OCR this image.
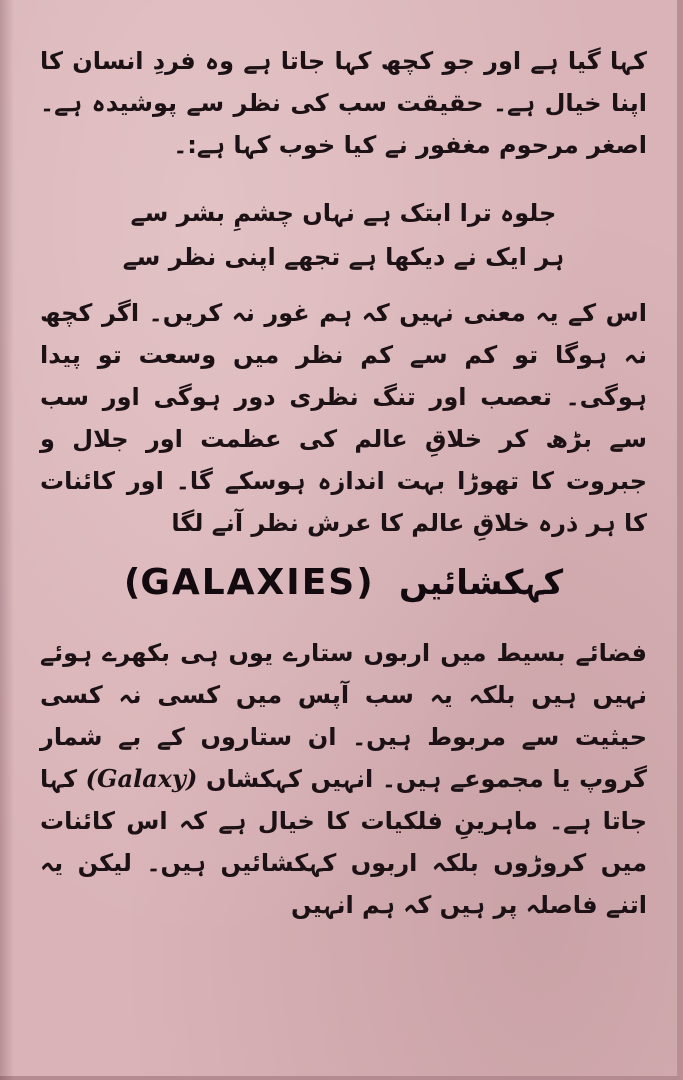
کہا گیا ہے اور جو کچھ کہا جاتا ہے وہ فردِ انسان کا اپنا خیال ہے۔ حقیقت سب کی نظر سے پوشیدہ ہے۔ اصغر مرحوم مغفور نے کیا خوب کہا ہے:۔

جلوہ ترا ابتک ہے نہاں چشمِ بشر سے

ہر ایک نے دیکھا ہے تجھے اپنی نظر سے

اس کے یہ معنی نہیں کہ ہم غور نہ کریں۔ اگر کچھ نہ ہوگا تو کم سے کم نظر میں وسعت تو پیدا ہوگی۔ تعصب اور تنگ نظری دور ہوگی اور سب سے بڑھ کر خلاقِ عالم کی عظمت اور جلال و جبروت کا تھوڑا بہت اندازہ ہوسکے گا۔ اور کائنات کا ہر ذرہ خلاقِ عالم کا عرش نظر آنے لگا

کہکشائیں (GALAXIES)

فضائے بسیط میں اربوں ستارے یوں ہی بکھرے ہوئے نہیں ہیں بلکہ یہ سب آپس میں کسی نہ کسی حیثیت سے مربوط ہیں۔ ان ستاروں کے بے شمار گروپ یا مجموعے ہیں۔ انہیں کہکشاں (Galaxy) کہا جاتا ہے۔ ماہرینِ فلکیات کا خیال ہے کہ اس کائنات میں کروڑوں بلکہ اربوں کہکشائیں ہیں۔ لیکن یہ اتنے فاصلہ پر ہیں کہ ہم انہیں
